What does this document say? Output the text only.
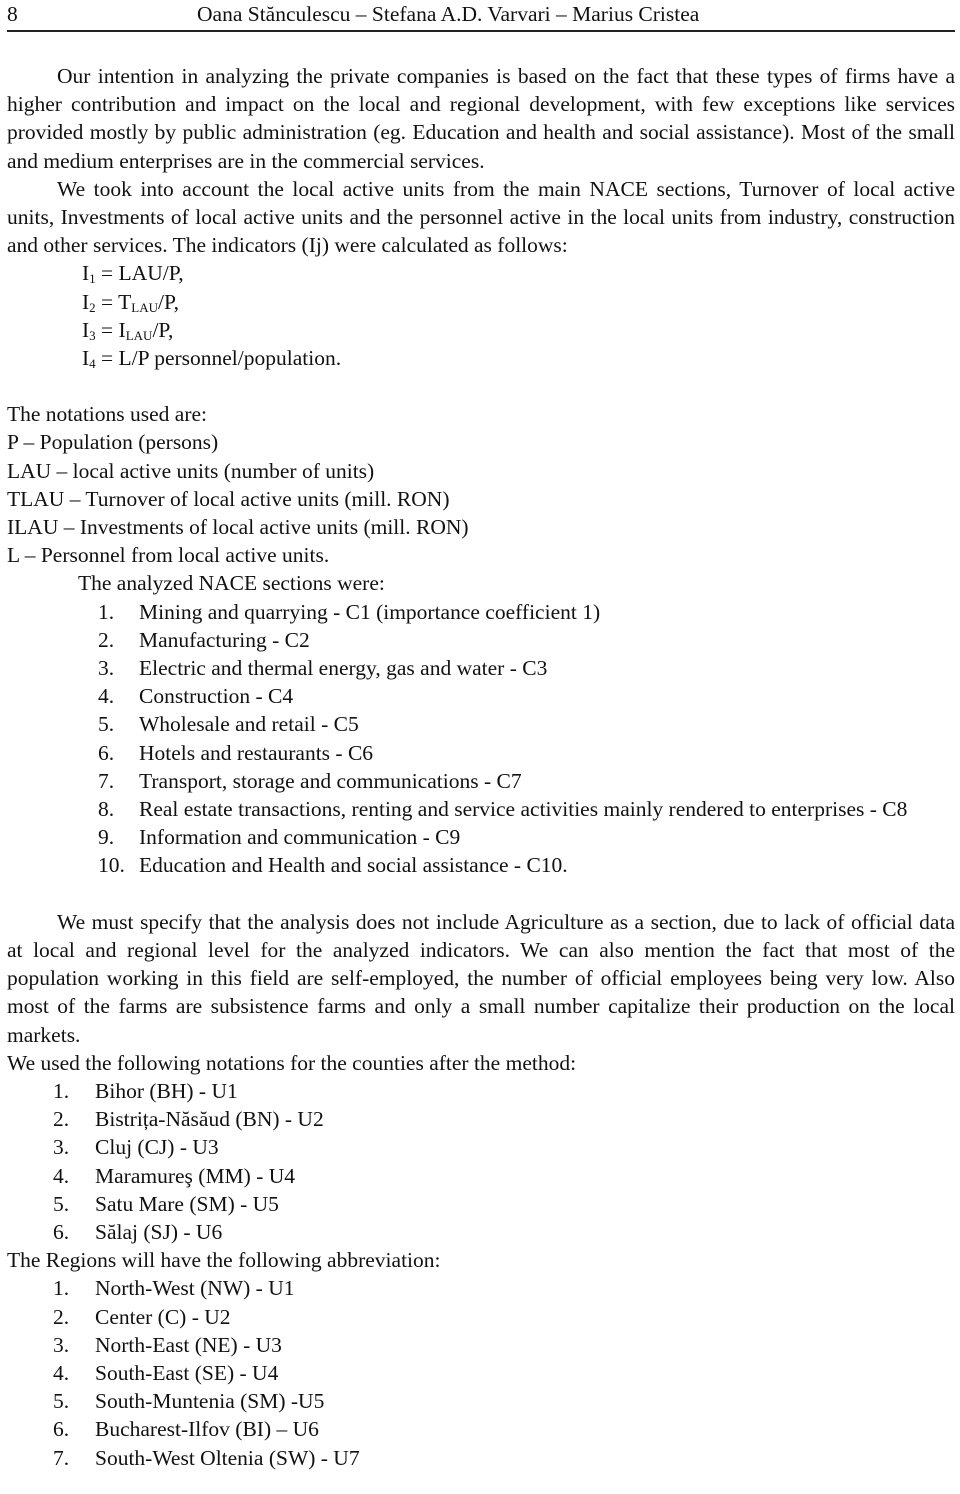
8	Oana Stănculescu – Stefana A.D. Varvari – Marius Cristea

Our intention in analyzing the private companies is based on the fact that these types of firms have a higher contribution and impact on the local and regional development, with few exceptions like services provided mostly by public administration (eg. Education and health and social assistance). Most of the small and medium enterprises are in the commercial services.

We took into account the local active units from the main NACE sections, Turnover of local active units, Investments of local active units and the personnel active in the local units from industry, construction and other services. The indicators (Ij) were calculated as follows:

$I_1 = LAU/P$,
$I_2 = T_{LAU}/P$,
$I_3 = I_{LAU}/P$,
$I_4 = L/P$ personnel/population.

The notations used are:

P – Population (persons)
LAU – local active units (number of units)
TLAU – Turnover of local active units (mill. RON)
ILAU – Investments of local active units (mill. RON)
L – Personnel from local active units.

The analyzed NACE sections were:

1.	Mining and quarrying - C1 (importance coefficient 1)
2.	Manufacturing - C2
3.	Electric and thermal energy, gas and water - C3
4.	Construction - C4
5.	Wholesale and retail - C5
6.	Hotels and restaurants - C6
7.	Transport, storage and communications - C7
8.	Real estate transactions, renting and service activities mainly rendered to enterprises - C8
9.	Information and communication - C9
10. Education and Health and social assistance - C10.

We must specify that the analysis does not include Agriculture as a section, due to lack of official data at local and regional level for the analyzed indicators. We can also mention the fact that most of the population working in this field are self-employed, the number of official employees being very low. Also most of the farms are subsistence farms and only a small number capitalize their production on the local markets.

We used the following notations for the counties after the method:

1. Bihor (BH) - U1
2. Bistrița-Năsăud (BN) - U2
3. Cluj (CJ) - U3
4. Maramureş (MM) - U4
5. Satu Mare (SM) - U5
6. Sălaj (SJ) - U6

The Regions will have the following abbreviation:

1. North-West (NW) - U1
2. Center (C) - U2
3. North-East (NE) - U3
4. South-East (SE) - U4
5. South-Muntenia (SM) -U5
6. Bucharest-Ilfov (BI) – U6
7. South-West Oltenia (SW) - U7
